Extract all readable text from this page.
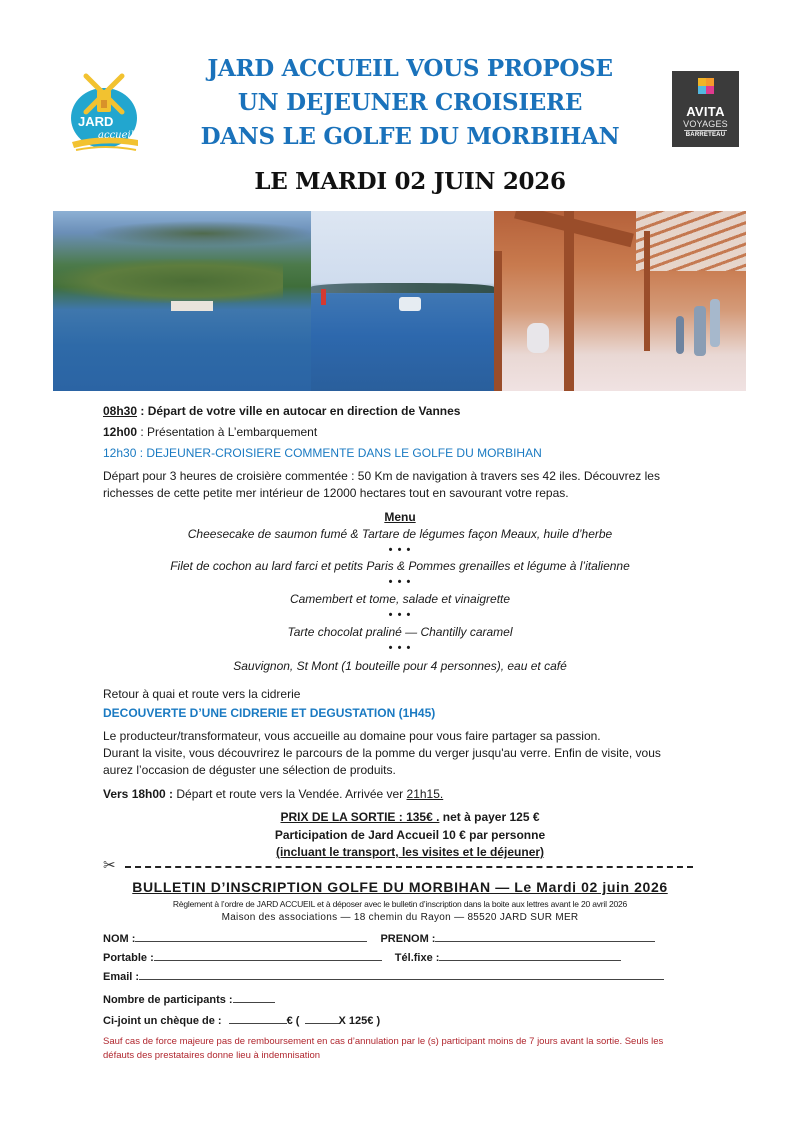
JARD
accueil
AVITA
VOYAGES
BARRETEAU
JARD ACCUEIL VOUS PROPOSE
UN DEJEUNER CROISIERE
DANS LE GOLFE DU MORBIHAN
LE MARDI 02 JUIN 2026
08h30 : Départ de votre ville en autocar en direction de Vannes
12h00 : Présentation à L’embarquement
12h30 : DEJEUNER-CROISIERE COMMENTE DANS LE GOLFE DU MORBIHAN
Départ pour 3 heures de croisière commentée : 50 Km de navigation à travers ses 42 iles. Découvrez les richesses de cette petite mer intérieur de 12000 hectares tout en savourant votre repas.
Menu
Cheesecake de saumon fumé & Tartare de légumes façon Meaux, huile d’herbe
• • •
Filet de cochon au lard farci et petits Paris & Pommes grenailles et légume à l’italienne
• • •
Camembert et tome, salade et vinaigrette
• • •
Tarte chocolat praliné — Chantilly caramel
• • •
Sauvignon, St Mont (1 bouteille pour 4 personnes), eau et café
Retour à quai et route vers la cidrerie
DECOUVERTE D’UNE CIDRERIE ET DEGUSTATION (1H45)
Le producteur/transformateur, vous accueille au domaine pour vous faire partager sa passion.
Durant la visite, vous découvrirez le parcours de la pomme du verger jusqu'au verre. Enfin de visite, vous aurez l’occasion de déguster une sélection de produits.
Vers 18h00 : Départ et route vers la Vendée. Arrivée ver 21h15.
PRIX DE LA SORTIE : 135€ . net à payer 125 €
Participation de Jard Accueil 10 € par personne
(incluant le transport, les visites et le déjeuner)
✂
BULLETIN D’INSCRIPTION GOLFE DU MORBIHAN — Le Mardi 02 juin 2026
Règlement à l’ordre de JARD ACCUEIL et à déposer avec le bulletin d’inscription dans la boite aux lettres avant le 20 avril 2026
Maison des associations — 18 chemin du Rayon — 85520 JARD SUR MER
NOM :	PRENOM :
Portable :	Tél.fixe :
Email :
Nombre de participants :
Ci-joint un chèque de :	€ (	X 125€ )
Sauf cas de force majeure pas de remboursement en cas d’annulation par le (s) participant moins de 7 jours avant la sortie. Seuls les défauts des prestataires donne lieu à indemnisation
